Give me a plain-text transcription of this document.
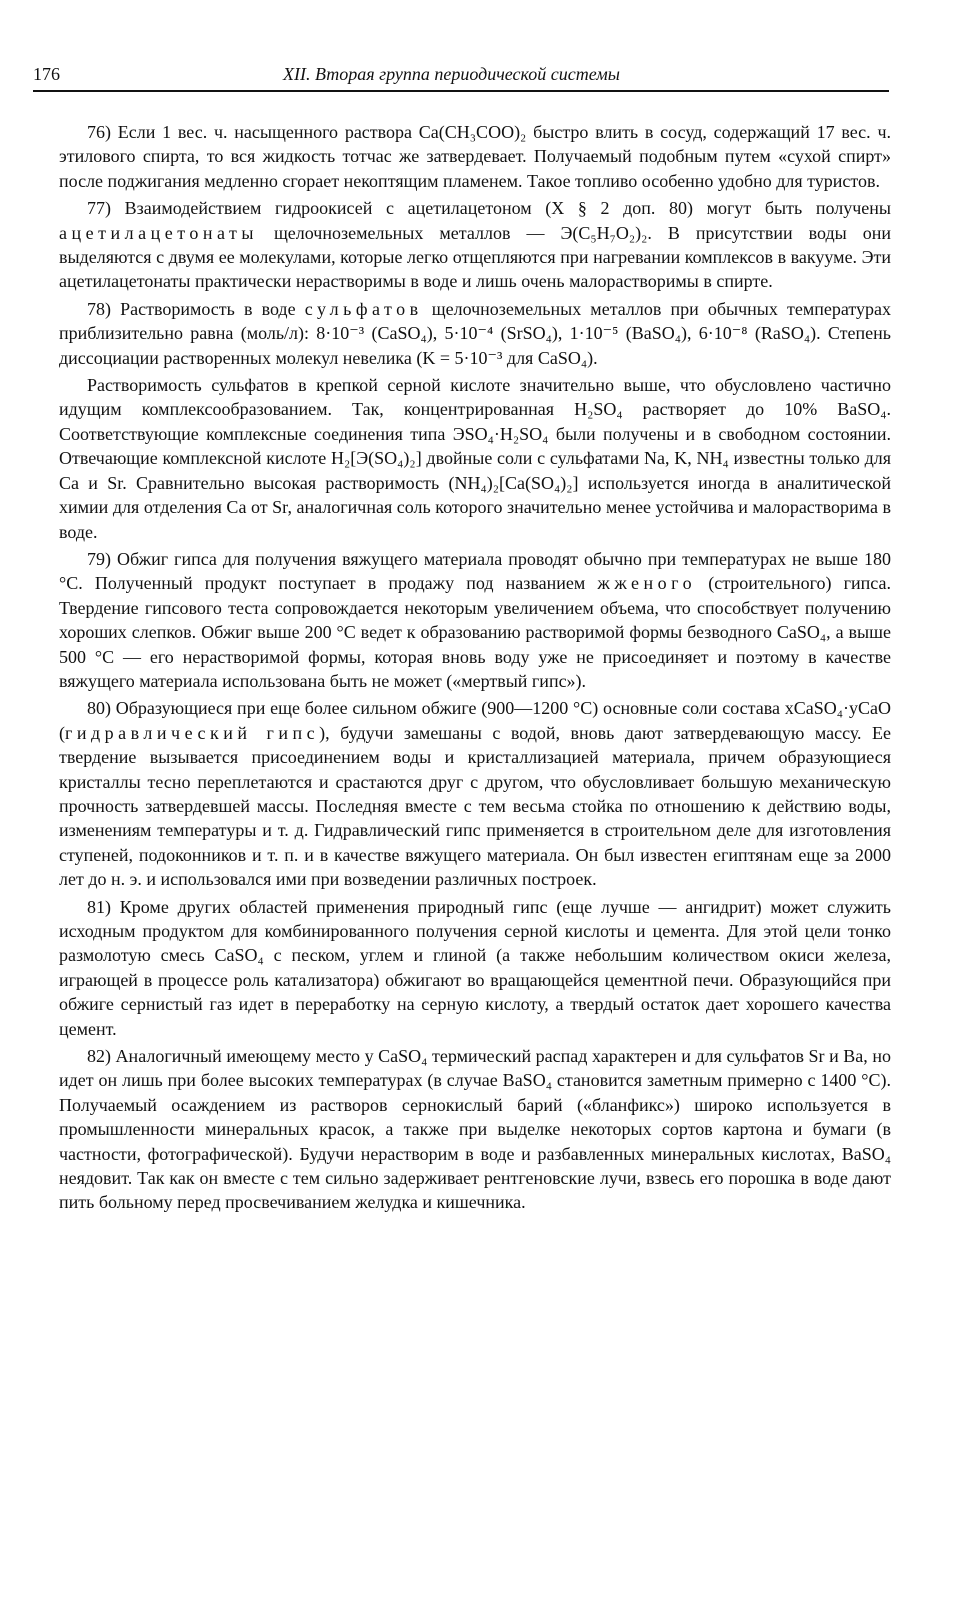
176	XII. Вторая группа периодической системы

76) Если 1 вес. ч. насыщенного раствора Ca(CH₃COO)₂ быстро влить в сосуд, содержащий 17 вес. ч. этилового спирта, то вся жидкость тотчас же затвердевает. Получаемый подобным путем «сухой спирт» после поджигания медленно сгорает некоптящим пламенем. Такое топливо особенно удобно для туристов.

77) Взаимодействием гидроокисей с ацетилацетоном (X § 2 доп. 80) могут быть получены ацетилацетонаты щелочноземельных металлов — Э(C₅H₇O₂)₂. В присутствии воды они выделяются с двумя ее молекулами, которые легко отщепляются при нагревании комплексов в вакууме. Эти ацетилацетонаты практически нерастворимы в воде и лишь очень малорастворимы в спирте.

78) Растворимость в воде сульфатов щелочноземельных металлов при обычных температурах приблизительно равна (моль/л): 8·10⁻³ (CaSO₄), 5·10⁻⁴ (SrSO₄), 1·10⁻⁵ (BaSO₄), 6·10⁻⁸ (RaSO₄). Степень диссоциации растворенных молекул невелика (K = 5·10⁻³ для CaSO₄).

Растворимость сульфатов в крепкой серной кислоте значительно выше, что обусловлено частично идущим комплексообразованием. Так, концентрированная H₂SO₄ растворяет до 10% BaSO₄. Соответствующие комплексные соединения типа ЭSO₄·H₂SO₄ были получены и в свободном состоянии. Отвечающие комплексной кислоте H₂[Э(SO₄)₂] двойные соли с сульфатами Na, K, NH₄ известны только для Ca и Sr. Сравнительно высокая растворимость (NH₄)₂[Ca(SO₄)₂] используется иногда в аналитической химии для отделения Ca от Sr, аналогичная соль которого значительно менее устойчива и малорастворима в воде.

79) Обжиг гипса для получения вяжущего материала проводят обычно при температурах не выше 180 °С. Полученный продукт поступает в продажу под названием жженого (строительного) гипса. Твердение гипсового теста сопровождается некоторым увеличением объема, что способствует получению хороших слепков. Обжиг выше 200 °С ведет к образованию растворимой формы безводного CaSO₄, а выше 500 °С — его нерастворимой формы, которая вновь воду уже не присоединяет и поэтому в качестве вяжущего материала использована быть не может («мертвый гипс»).

80) Образующиеся при еще более сильном обжиге (900—1200 °С) основные соли состава xCaSO₄·yCaO (гидравлический гипс), будучи замешаны с водой, вновь дают затвердевающую массу. Ее твердение вызывается присоединением воды и кристаллизацией материала, причем образующиеся кристаллы тесно переплетаются и срастаются друг с другом, что обусловливает большую механическую прочность затвердевшей массы. Последняя вместе с тем весьма стойка по отношению к действию воды, изменениям температуры и т. д. Гидравлический гипс применяется в строительном деле для изготовления ступеней, подоконников и т. п. и в качестве вяжущего материала. Он был известен египтянам еще за 2000 лет до н. э. и использовался ими при возведении различных построек.

81) Кроме других областей применения природный гипс (еще лучше — ангидрит) может служить исходным продуктом для комбинированного получения серной кислоты и цемента. Для этой цели тонко размолотую смесь CaSO₄ с песком, углем и глиной (а также небольшим количеством окиси железа, играющей в процессе роль катализатора) обжигают во вращающейся цементной печи. Образующийся при обжиге сернистый газ идет в переработку на серную кислоту, а твердый остаток дает хорошего качества цемент.

82) Аналогичный имеющему место у CaSO₄ термический распад характерен и для сульфатов Sr и Ba, но идет он лишь при более высоких температурах (в случае BaSO₄ становится заметным примерно с 1400 °С). Получаемый осаждением из растворов сернокислый барий («бланфикс») широко используется в промышленности минеральных красок, а также при выделке некоторых сортов картона и бумаги (в частности, фотографической). Будучи нерастворим в воде и разбавленных минеральных кислотах, BaSO₄ неядовит. Так как он вместе с тем сильно задерживает рентгеновские лучи, взвесь его порошка в воде дают пить больному перед просвечиванием желудка и кишечника.
